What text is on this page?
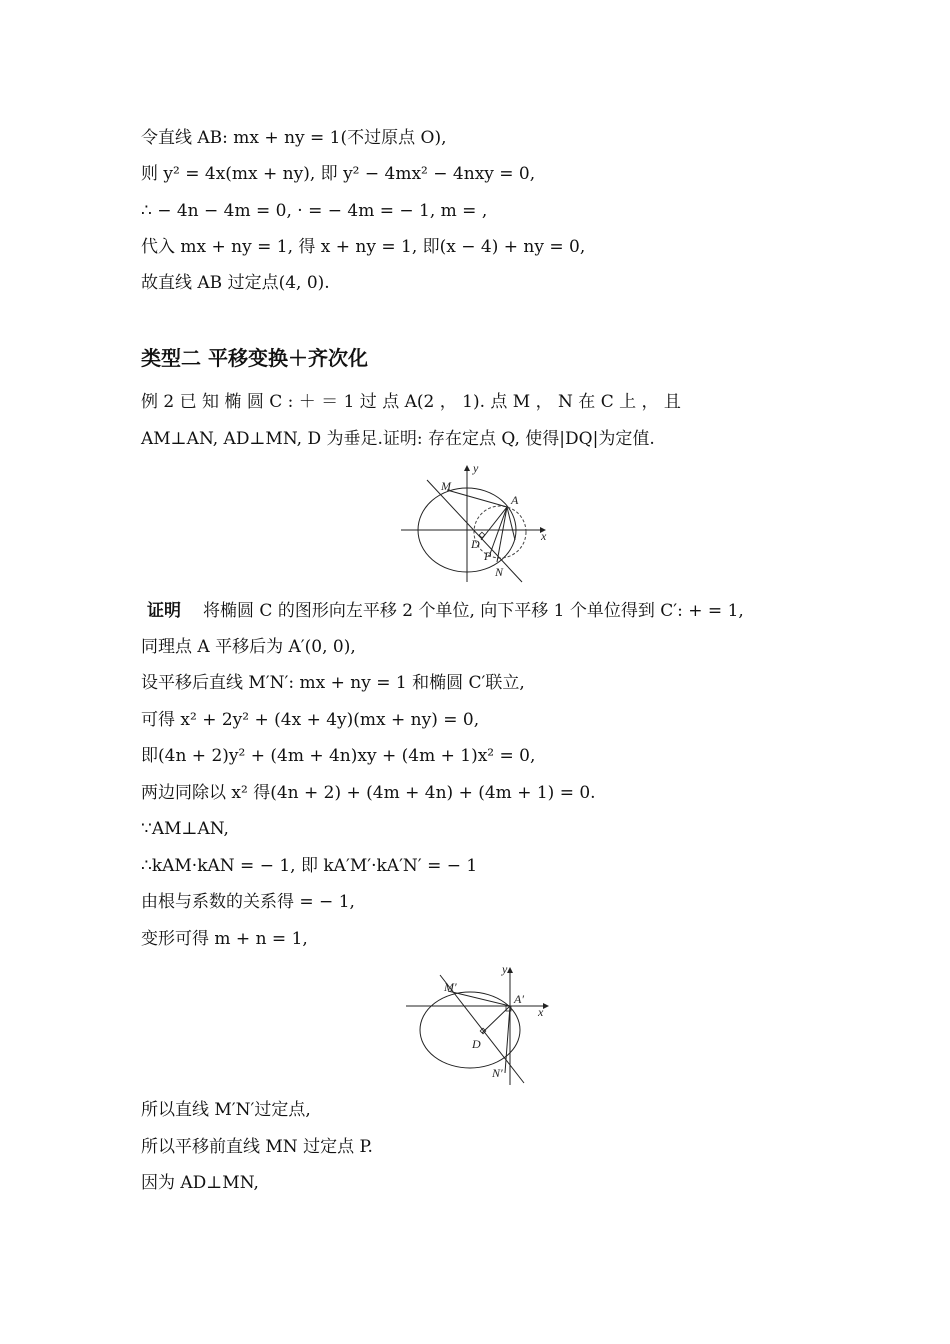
令直线 AB: mx + ny = 1(不过原点 O),
则 y² = 4x(mx + ny), 即 y² − 4mx² − 4nxy = 0,
∴ − 4n − 4m = 0, · = − 4m = − 1, m = ,
代入 mx + ny = 1, 得 x + ny = 1, 即(x − 4) + ny = 0,
故直线 AB 过定点(4, 0).
类型二 平移变换＋齐次化
例 2 已 知 椭 圆 C : ＋ ＝ 1 过 点 A(2 ， 1). 点 M ， N 在 C 上 ， 且
AM⊥AN, AD⊥MN, D 为垂足.证明: 存在定点 Q, 使得|DQ|为定值.
y
x
M
A
D
P
N
证明 将椭圆 C 的图形向左平移 2 个单位, 向下平移 1 个单位得到 C′: + = 1,
同理点 A 平移后为 A′(0, 0),
设平移后直线 M′N′: mx + ny = 1 和椭圆 C′联立,
可得 x² + 2y² + (4x + 4y)(mx + ny) = 0,
即(4n + 2)y² + (4m + 4n)xy + (4m + 1)x² = 0,
两边同除以 x² 得(4n + 2) + (4m + 4n) + (4m + 1) = 0.
∵AM⊥AN,
∴kAM·kAN = − 1, 即 kA′M′·kA′N′ = − 1
由根与系数的关系得 = − 1,
变形可得 m + n = 1,
y
x
M′
A′
D
N′
所以直线 M′N′过定点,
所以平移前直线 MN 过定点 P.
因为 AD⊥MN,
